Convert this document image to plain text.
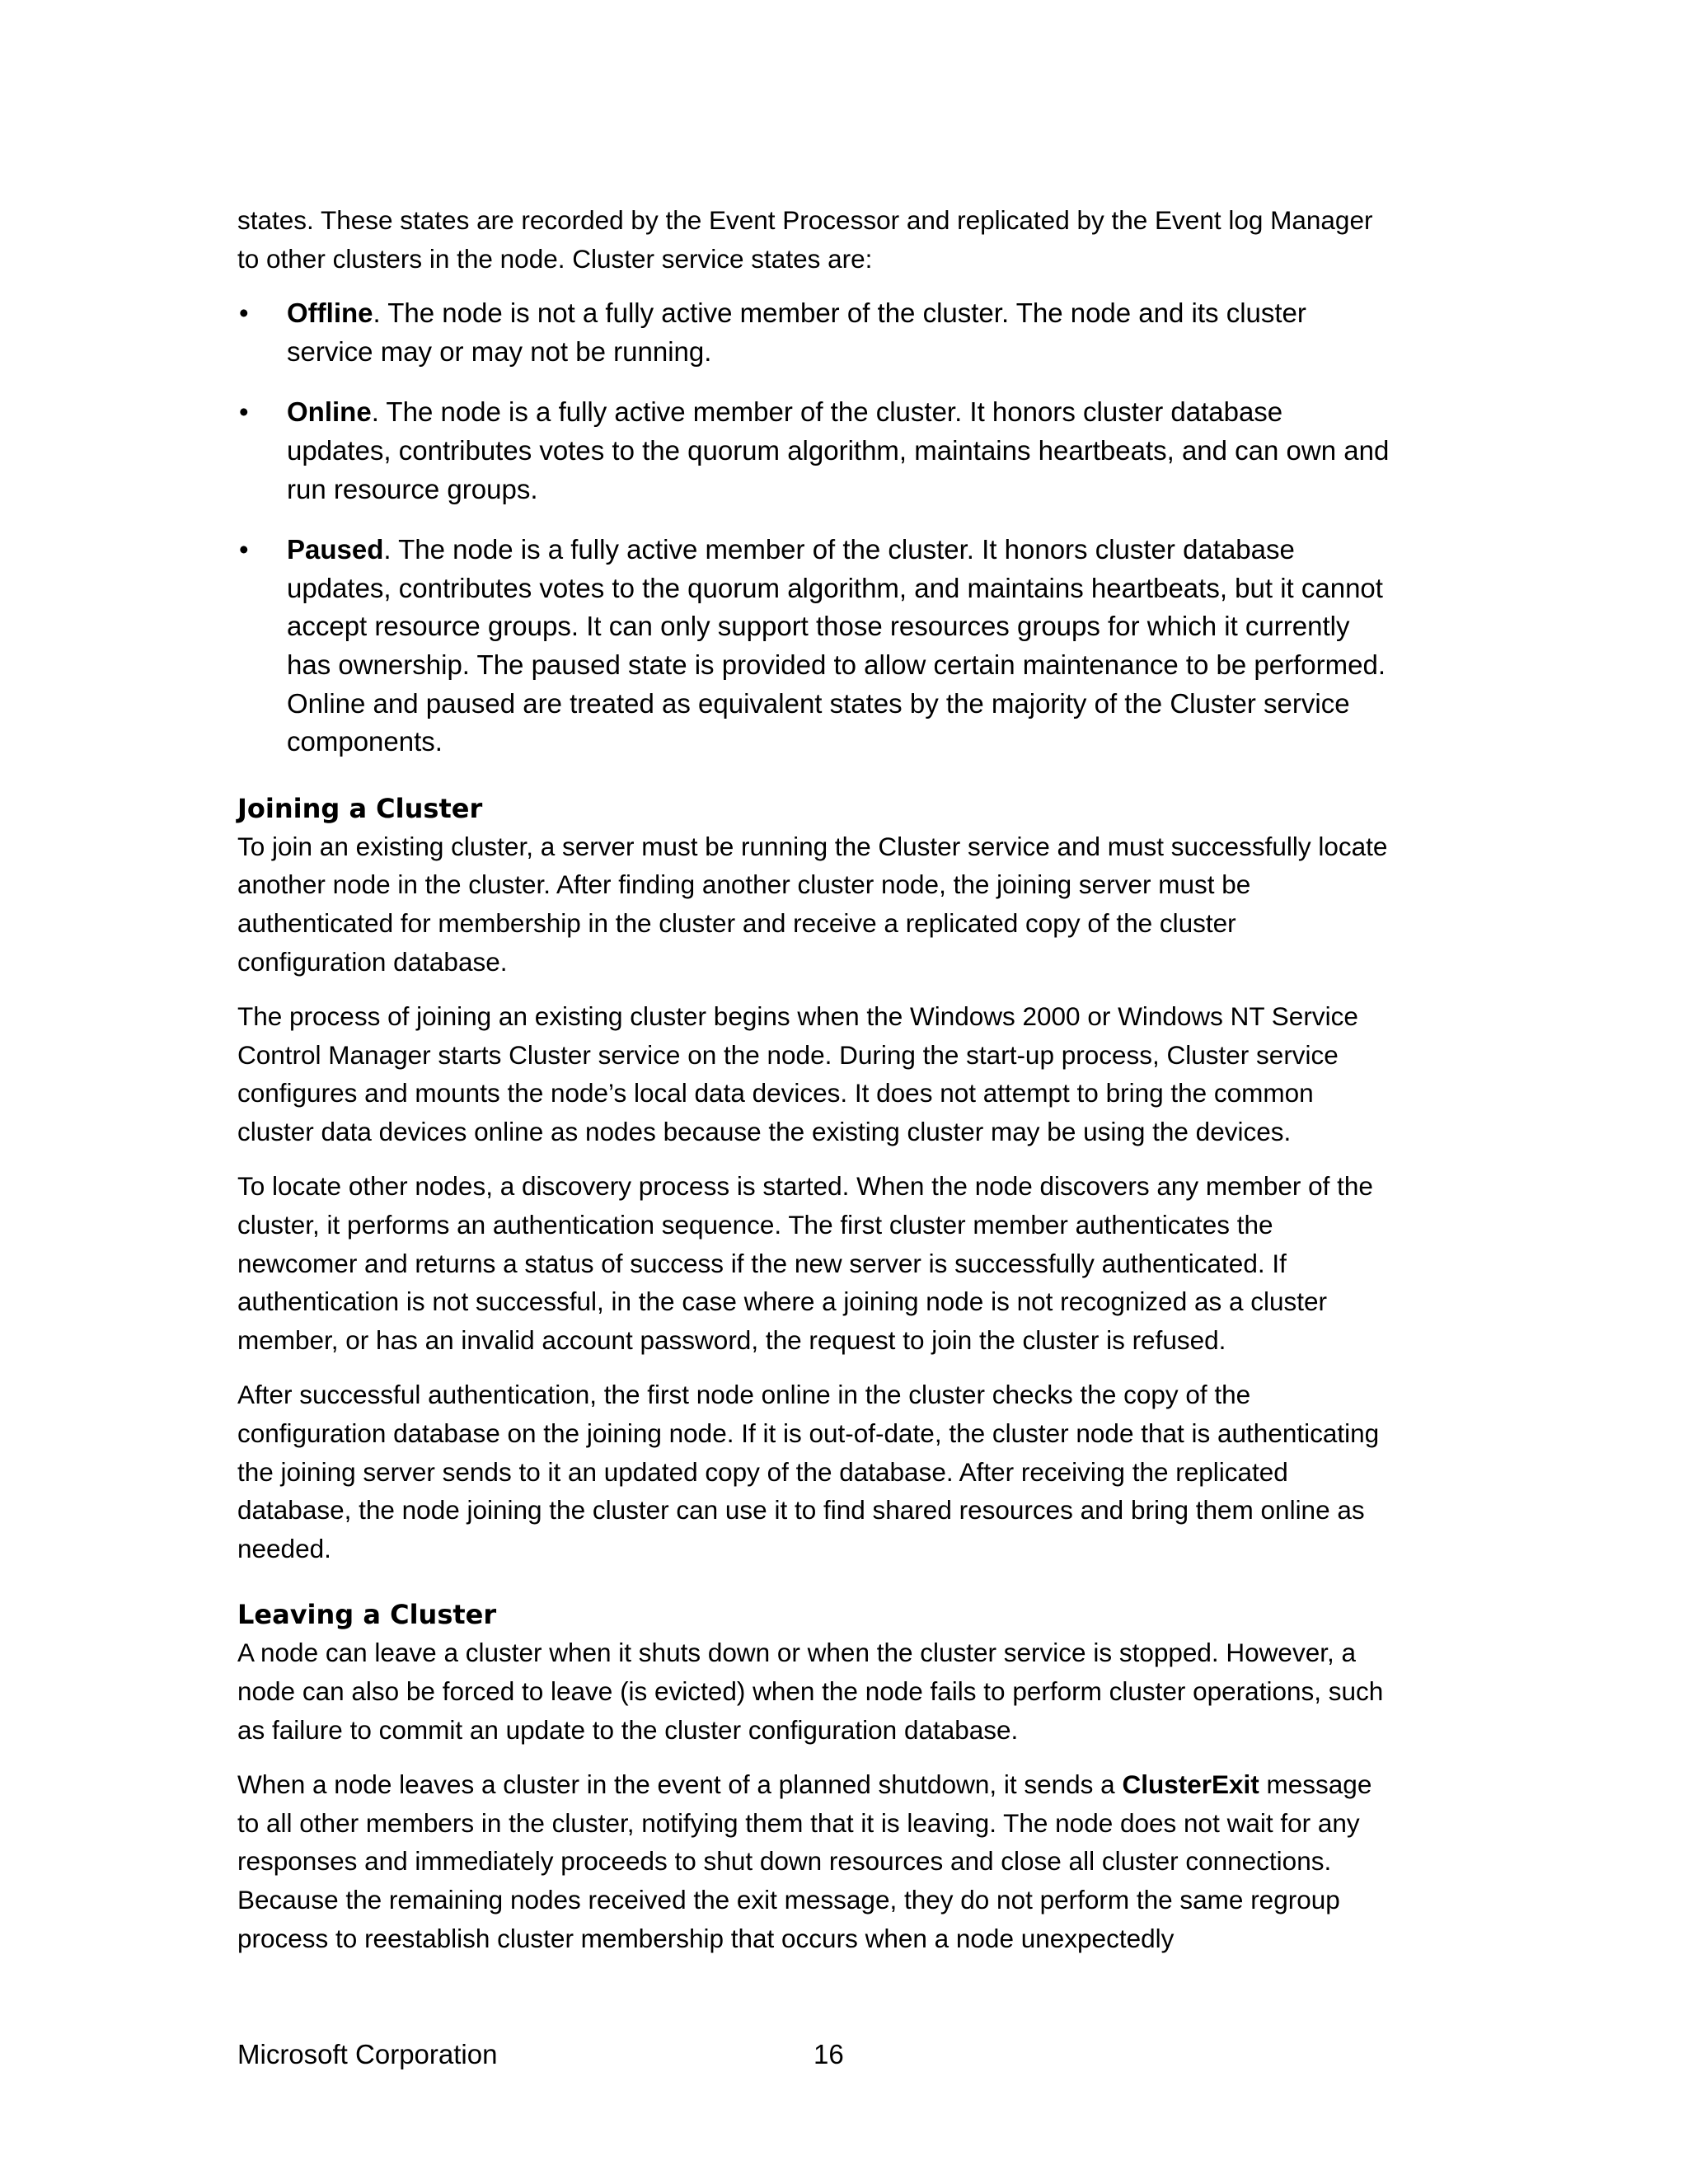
states. These states are recorded by the Event Processor and replicated by the Event log Manager to other clusters in the node. Cluster service states are:

• Offline. The node is not a fully active member of the cluster. The node and its cluster service may or may not be running.
• Online. The node is a fully active member of the cluster. It honors cluster database updates, contributes votes to the quorum algorithm, maintains heartbeats, and can own and run resource groups.
• Paused. The node is a fully active member of the cluster. It honors cluster database updates, contributes votes to the quorum algorithm, and maintains heartbeats, but it cannot accept resource groups. It can only support those resources groups for which it currently has ownership. The paused state is provided to allow certain maintenance to be performed. Online and paused are treated as equivalent states by the majority of the Cluster service components.
Joining a Cluster

To join an existing cluster, a server must be running the Cluster service and must successfully locate another node in the cluster. After finding another cluster node, the joining server must be authenticated for membership in the cluster and receive a replicated copy of the cluster configuration database.

The process of joining an existing cluster begins when the Windows 2000 or Windows NT Service Control Manager starts Cluster service on the node. During the start-up process, Cluster service configures and mounts the node’s local data devices. It does not attempt to bring the common cluster data devices online as nodes because the existing cluster may be using the devices.

To locate other nodes, a discovery process is started. When the node discovers any member of the cluster, it performs an authentication sequence. The first cluster member authenticates the newcomer and returns a status of success if the new server is successfully authenticated. If authentication is not successful, in the case where a joining node is not recognized as a cluster member, or has an invalid account password, the request to join the cluster is refused.

After successful authentication, the first node online in the cluster checks the copy of the configuration database on the joining node. If it is out-of-date, the cluster node that is authenticating the joining server sends to it an updated copy of the database. After receiving the replicated database, the node joining the cluster can use it to find shared resources and bring them online as needed.

Leaving a Cluster

A node can leave a cluster when it shuts down or when the cluster service is stopped. However, a node can also be forced to leave (is evicted) when the node fails to perform cluster operations, such as failure to commit an update to the cluster configuration database.

When a node leaves a cluster in the event of a planned shutdown, it sends a ClusterExit message to all other members in the cluster, notifying them that it is leaving. The node does not wait for any responses and immediately proceeds to shut down resources and close all cluster connections. Because the remaining nodes received the exit message, they do not perform the same regroup process to reestablish cluster membership that occurs when a node unexpectedly

Microsoft Corporation	16
